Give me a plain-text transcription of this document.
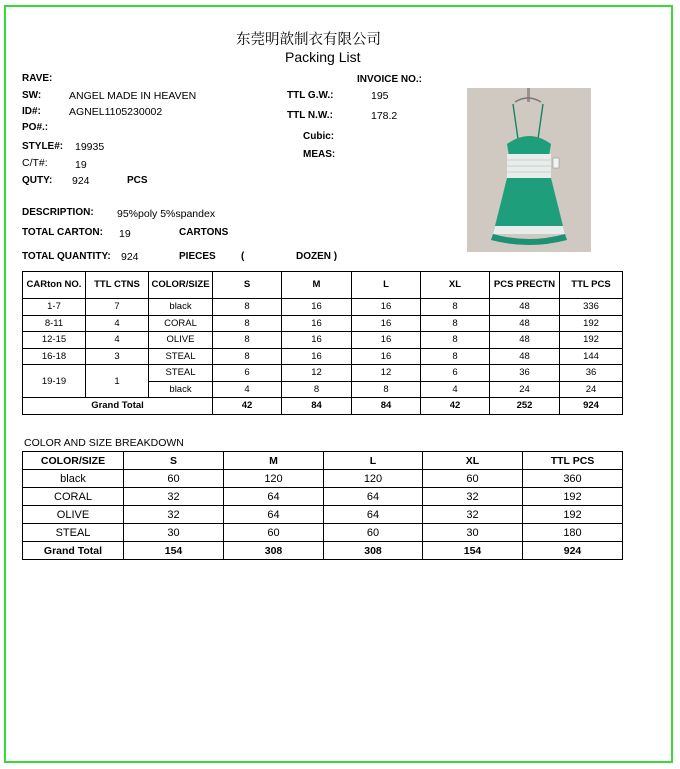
东莞明歆制衣有限公司
Packing List
RAVE:
SW:	ANGEL MADE IN HEAVEN
ID#:	AGNEL1105230002
PO#.:
STYLE#: 19935
C/T#:	19
QUTY: 924	PCS
INVOICE NO.:
TTL G.W.:	195
TTL N.W.:	178.2
Cubic:
MEAS:
DESCRIPTION: 95%poly 5%spandex
TOTAL CARTON: 19	CARTONS
TOTAL QUANTITY: 924	PIECES	(	DOZEN )
CARton NO.	TTL CTNS	COLOR/SIZE	S	M	L	XL	PCS PRECTN	TTL PCS
1-7	7	black	8	16	16	8	48	336
8-11	4	CORAL	8	16	16	8	48	192
12-15	4	OLIVE	8	16	16	8	48	192
16-18	3	STEAL	8	16	16	8	48	144
19-19	1	STEAL	6	12	12	6	36	36
		black	4	8	8	4	24	24
Grand Total			42	84	84	42	252	924
COLOR AND SIZE BREAKDOWN
COLOR/SIZE	S	M	L	XL	TTL PCS
black	60	120	120	60	360
CORAL	32	64	64	32	192
OLIVE	32	64	64	32	192
STEAL	30	60	60	30	180
Grand Total	154	308	308	154	924
